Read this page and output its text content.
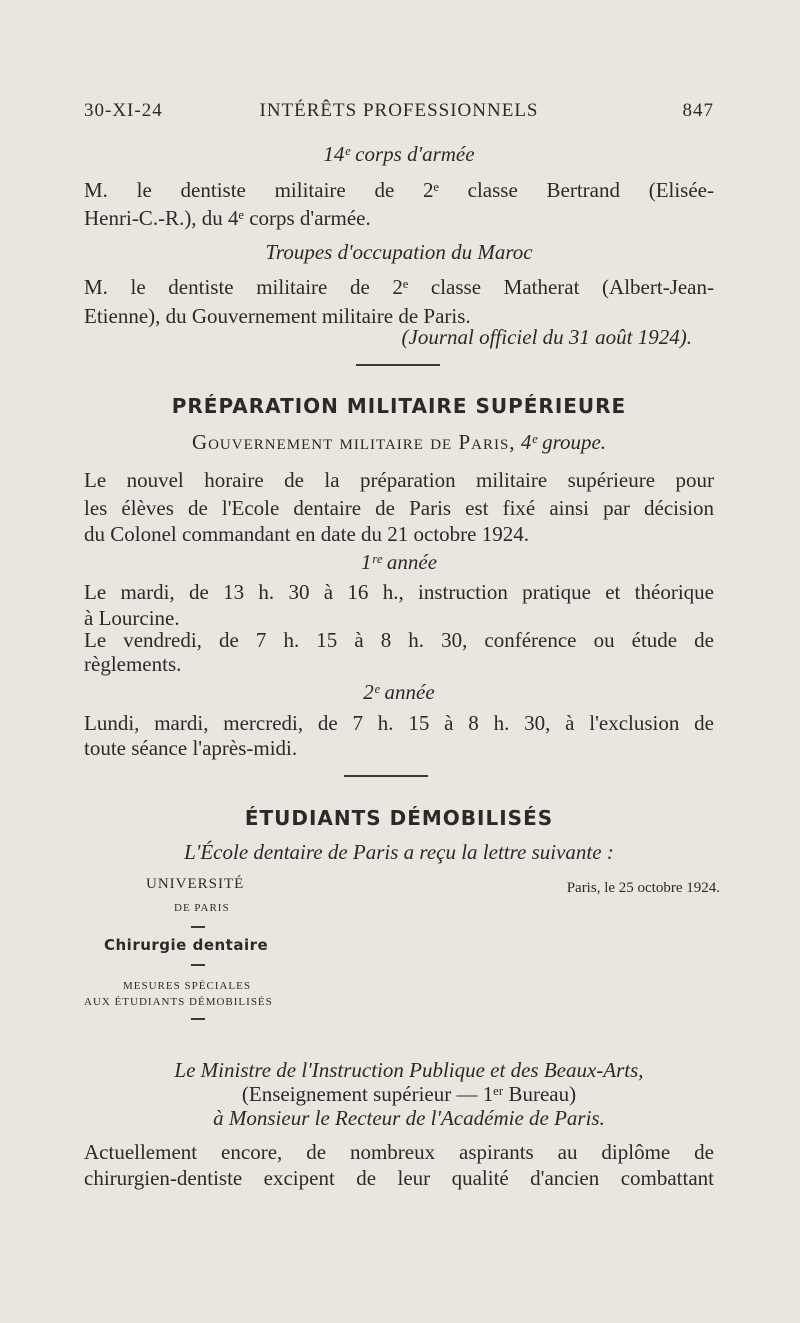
30-XI-24	INTÉRÊTS PROFESSIONNELS	847
14ᵉ corps d'armée
M. le dentiste militaire de 2ᵉ classe Bertrand (Elisée-
Henri-C.-R.), du 4ᵉ corps d'armée.
Troupes d'occupation du Maroc
M. le dentiste militaire de 2ᵉ classe Matherat (Albert-Jean-
Etienne), du Gouvernement militaire de Paris.
(Journal officiel du 31 août 1924).
PRÉPARATION MILITAIRE SUPÉRIEURE
Gouvernement militaire de Paris, 4ᵉ groupe.
Le nouvel horaire de la préparation militaire supérieure pour
les élèves de l'Ecole dentaire de Paris est fixé ainsi par décision
du Colonel commandant en date du 21 octobre 1924.
1ʳᵉ année
Le mardi, de 13 h. 30 à 16 h., instruction pratique et théorique
à Lourcine.
Le vendredi, de 7 h. 15 à 8 h. 30, conférence ou étude de
règlements.
2ᵉ année
Lundi, mardi, mercredi, de 7 h. 15 à 8 h. 30, à l'exclusion de
toute séance l'après-midi.
ÉTUDIANTS DÉMOBILISÉS
L'École dentaire de Paris a reçu la lettre suivante :
UNIVERSITÉ
DE PARIS
Chirurgie dentaire
MESURES SPÉCIALES
AUX ÉTUDIANTS DÉMOBILISÉS
Paris, le 25 octobre 1924.
Le Ministre de l'Instruction Publique et des Beaux-Arts,
(Enseignement supérieur — 1ᵉʳ Bureau)
à Monsieur le Recteur de l'Académie de Paris.
Actuellement encore, de nombreux aspirants au diplôme de
chirurgien-dentiste excipent de leur qualité d'ancien combattant
